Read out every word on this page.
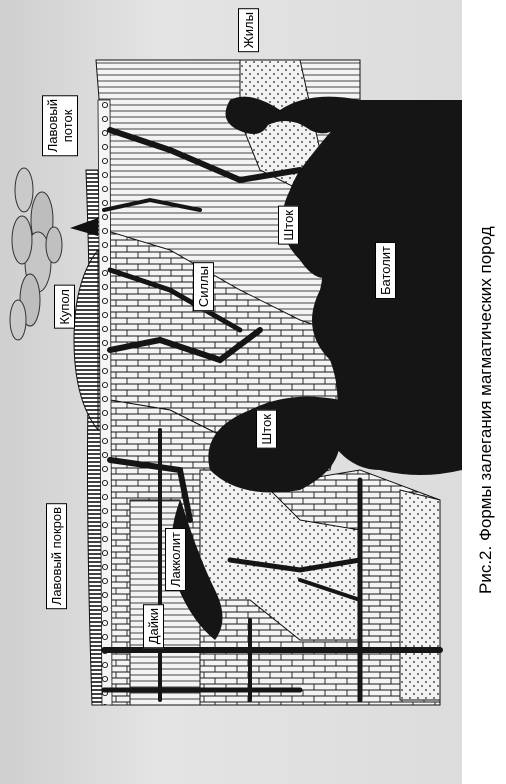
Жилы
Лавовый
поток
Шток
Батолит
Силлы
Купол
Шток
Лавовый покров	Лакколит
Дайки
Рис.2. Формы залегания магматических пород
